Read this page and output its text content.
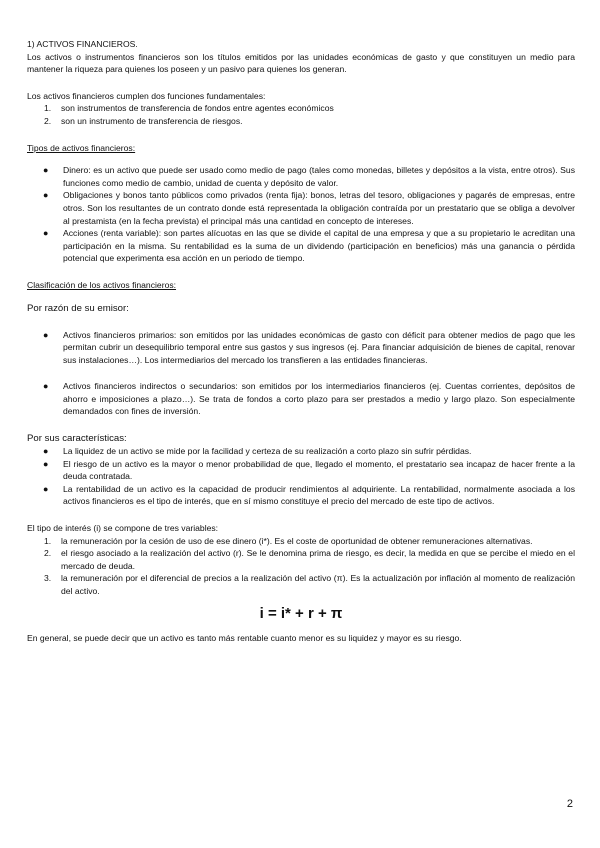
1) ACTIVOS FINANCIEROS.

Los activos o instrumentos financieros son los títulos emitidos por las unidades económicas de gasto y que constituyen un medio para mantener la riqueza para quienes los poseen y un pasivo para quienes los generan.

Los activos financieros cumplen dos funciones fundamentales:

1.	son instrumentos de transferencia de fondos entre agentes económicos
2.	son un instrumento de transferencia de riesgos.

Tipos de activos financieros:

●	Dinero: es un activo que puede ser usado como medio de pago (tales como monedas, billetes y depósitos a la vista, entre otros). Sus funciones como medio de cambio, unidad de cuenta y depósito de valor.
●	Obligaciones y bonos tanto públicos como privados (renta fija): bonos, letras del tesoro, obligaciones y pagarés de empresas, entre otros. Son los resultantes de un contrato donde está representada la obligación contraída por un prestatario que se obliga a devolver al prestamista (en la fecha prevista) el principal más una cantidad en concepto de intereses.
●	Acciones (renta variable): son partes alícuotas en las que se divide el capital de una empresa y que a su propietario le acreditan una participación en la misma. Su rentabilidad es la suma de un dividendo (participación en beneficios) más una ganancia o pérdida potencial que experimenta esa acción en un periodo de tiempo.

Clasificación de los activos financieros:

Por razón de su emisor:

●	Activos financieros primarios: son emitidos por las unidades económicas de gasto con déficit para obtener medios de pago que les permitan cubrir un desequilibrio temporal entre sus gastos y sus ingresos (ej. Para financiar adquisición de bienes de capital, renovar sus instalaciones…). Los intermediarios del mercado los transfieren a las entidades financieras.
●	Activos financieros indirectos o secundarios: son emitidos por los intermediarios financieros (ej. Cuentas corrientes, depósitos de ahorro e imposiciones a plazo…). Se trata de fondos a corto plazo para ser prestados a medio y largo plazo. Son especialmente demandados con fines de inversión.

Por sus características:

●	La liquidez de un activo se mide por la facilidad y certeza de su realización a corto plazo sin sufrir pérdidas.
●	El riesgo de un activo es la mayor o menor probabilidad de que, llegado el momento, el prestatario sea incapaz de hacer frente a la deuda contratada.
●	La rentabilidad de un activo es la capacidad de producir rendimientos al adquiriente. La rentabilidad, normalmente asociada a los activos financieros es el tipo de interés, que en sí mismo constituye el precio del mercado de este tipo de activos.

El tipo de interés (i) se compone de tres variables:

1.	la remuneración por la cesión de uso de ese dinero (i*). Es el coste de oportunidad de obtener remuneraciones alternativas.
2.	el riesgo asociado a la realización del activo (r). Se le denomina prima de riesgo, es decir, la medida en que se percibe el miedo en el mercado de deuda.
3.	la remuneración por el diferencial de precios a la realización del activo (π). Es la actualización por inflación al momento de realización del activo.

i = i* + r + π

En general, se puede decir que un activo es tanto más rentable cuanto menor es su liquidez y mayor es su riesgo.

2
